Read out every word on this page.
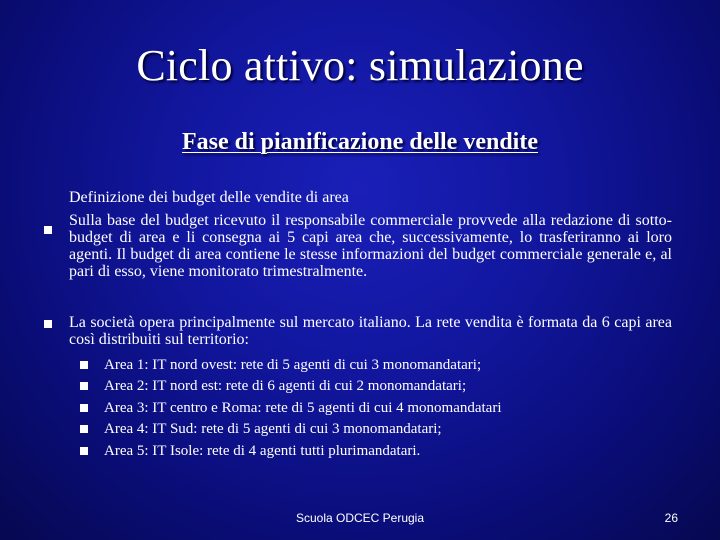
Ciclo attivo: simulazione
Fase di pianificazione delle vendite
Definizione dei budget delle vendite di area
Sulla base del budget ricevuto il responsabile commerciale provvede alla redazione di sotto-budget di area e li consegna ai 5 capi area che, successivamente, lo trasferiranno ai loro agenti. Il budget di area contiene le stesse informazioni del budget commerciale generale e, al pari di esso, viene monitorato trimestralmente.
La società opera principalmente sul mercato italiano. La rete vendita è formata da 6 capi area così distribuiti sul territorio:
Area 1: IT nord ovest: rete di 5 agenti di cui 3 monomandatari;
Area 2: IT nord est: rete di 6 agenti di cui 2 monomandatari;
Area 3: IT centro e Roma: rete di 5 agenti di cui 4 monomandatari
Area 4: IT Sud: rete di 5 agenti di cui 3 monomandatari;
Area 5: IT Isole: rete di 4 agenti tutti plurimandatari.
Scuola ODCEC Perugia	26
